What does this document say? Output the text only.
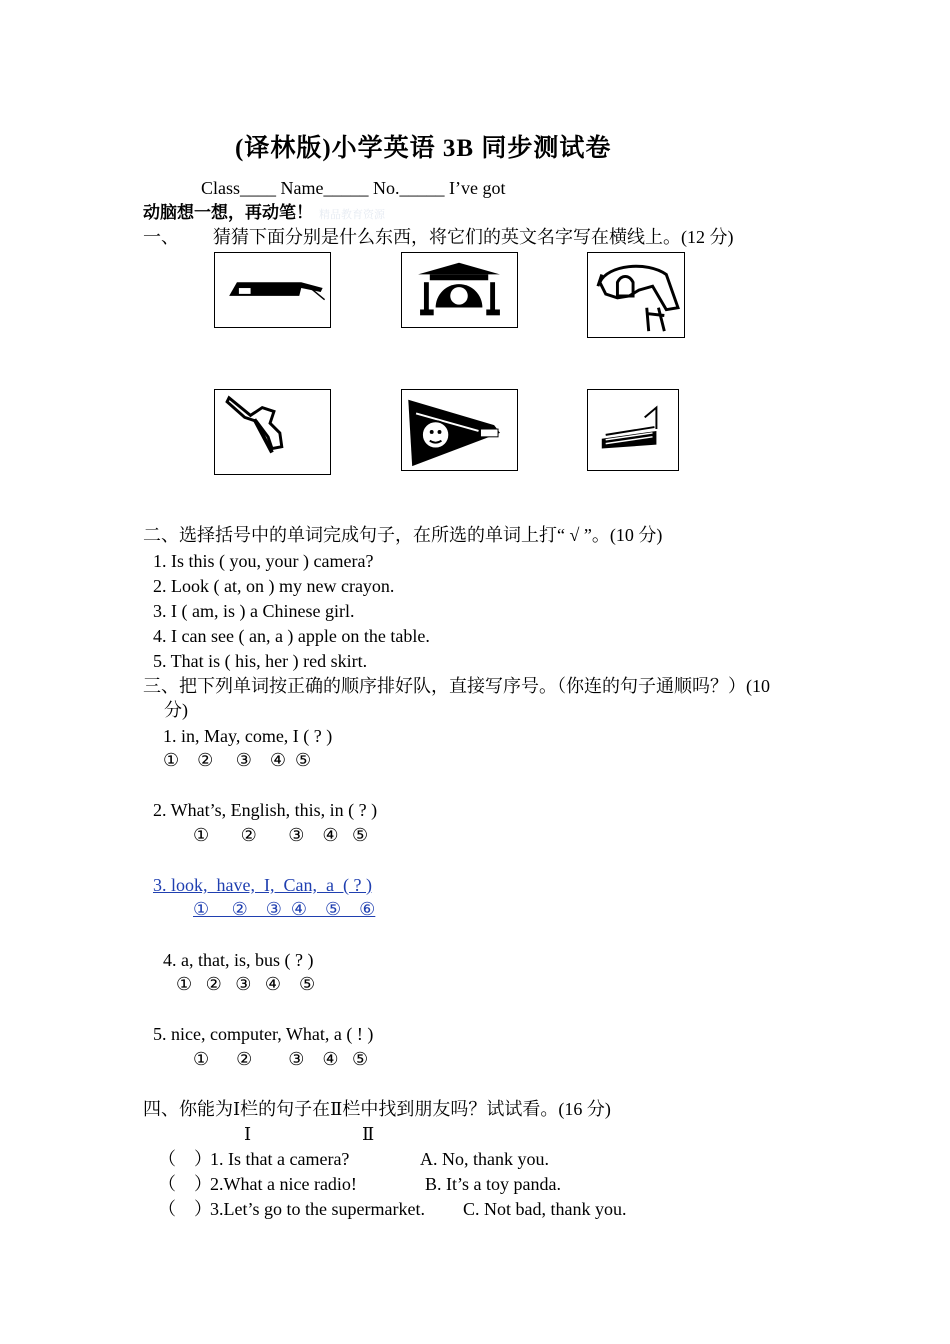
(译林版)小学英语 3B 同步测试卷
Class____ Name_____ No._____ I’ve got
动脑想一想，再动笔！ 精品教育资源
一、 猜猜下面分别是什么东西，将它们的英文名字写在横线上。(12 分)
二、选择括号中的单词完成句子，在所选的单词上打“ √ ”。(10 分)
1. Is this ( you, your ) camera?
2. Look ( at, on ) my new crayon.
3. I ( am, is ) a Chinese girl.
4. I can see ( an, a ) apple on the table.
5. That is ( his, her ) red skirt.
三、把下列单词按正确的顺序排好队，直接写序号。（你连的句子通顺吗？）(10
分)
1. in, May, come, I ( ? )
①    ②     ③    ④  ⑤
2. What’s, English, this, in ( ? )
①       ②       ③    ④   ⑤
3. look,  have,  I,  Can,  a  ( ? )
①     ②    ③  ④    ⑤    ⑥
4. a, that, is, bus ( ? )
①   ②   ③   ④    ⑤
5. nice, computer, What, a ( ! )
①      ②        ③    ④   ⑤
四、你能为Ⅰ栏的句子在Ⅱ栏中找到朋友吗？试试看。(16 分)
Ⅰ	Ⅱ
（    ）
1. Is that a camera?	A. No, thank you.
（    ）
2.What a nice radio!	B. It’s a toy panda.
（    ）
3.Let’s go to the supermarket. C. Not bad, thank you.
